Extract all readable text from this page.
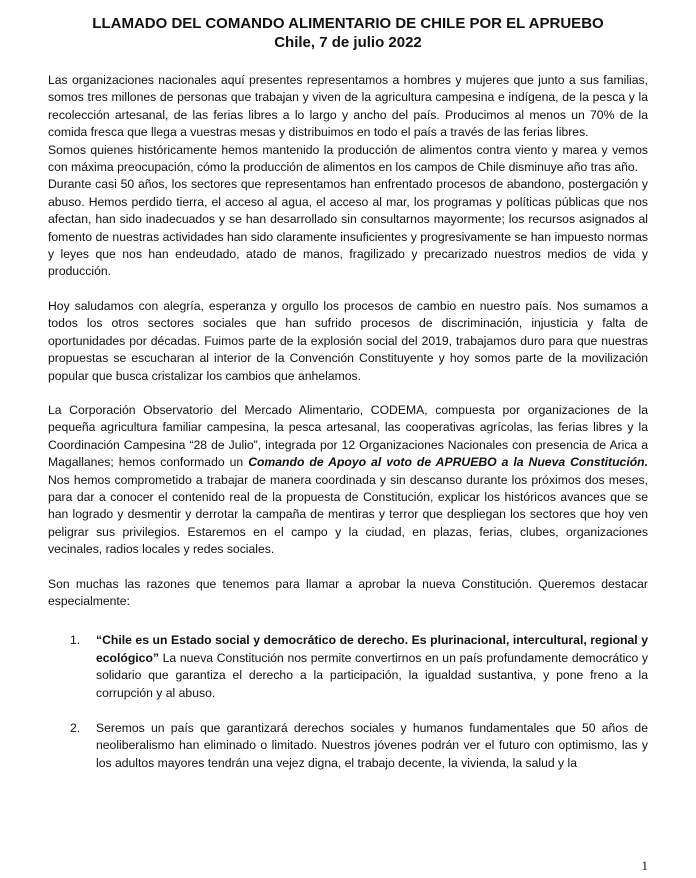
LLAMADO DEL COMANDO ALIMENTARIO DE CHILE POR EL APRUEBO
Chile, 7 de julio 2022

Las organizaciones nacionales aquí presentes representamos a hombres y mujeres que junto a sus familias, somos tres millones de personas que trabajan y viven de la agricultura campesina e indígena, de la pesca y la recolección artesanal, de las ferias libres a lo largo y ancho del país. Producimos al menos un 70% de la comida fresca que llega a vuestras mesas y distribuimos en todo el país a través de las ferias libres.

Somos quienes históricamente hemos mantenido la producción de alimentos contra viento y marea y vemos con máxima preocupación, cómo la producción de alimentos en los campos de Chile disminuye año tras año.

Durante casi 50 años, los sectores que representamos han enfrentado procesos de abandono, postergación y abuso. Hemos perdido tierra, el acceso al agua, el acceso al mar, los programas y políticas públicas que nos afectan, han sido inadecuados y se han desarrollado sin consultarnos mayormente; los recursos asignados al fomento de nuestras actividades han sido claramente insuficientes y progresivamente se han impuesto normas y leyes que nos han endeudado, atado de manos, fragilizado y precarizado nuestros medios de vida y producción.

Hoy saludamos con alegría, esperanza y orgullo los procesos de cambio en nuestro país. Nos sumamos a todos los otros sectores sociales que han sufrido procesos de discriminación, injusticia y falta de oportunidades por décadas. Fuimos parte de la explosión social del 2019, trabajamos duro para que nuestras propuestas se escucharan al interior de la Convención Constituyente y hoy somos parte de la movilización popular que busca cristalizar los cambios que anhelamos.

La Corporación Observatorio del Mercado Alimentario, CODEMA, compuesta por organizaciones de la pequeña agricultura familiar campesina, la pesca artesanal, las cooperativas agrícolas, las ferias libres y la Coordinación Campesina “28 de Julio”, integrada por 12 Organizaciones Nacionales con presencia de Arica a Magallanes; hemos conformado un Comando de Apoyo al voto de APRUEBO a la Nueva Constitución. Nos hemos comprometido a trabajar de manera coordinada y sin descanso durante los próximos dos meses, para dar a conocer el contenido real de la propuesta de Constitución, explicar los históricos avances que se han logrado y desmentir y derrotar la campaña de mentiras y terror que despliegan los sectores que hoy ven peligrar sus privilegios. Estaremos en el campo y la ciudad, en plazas, ferias, clubes, organizaciones vecinales, radios locales y redes sociales.

Son muchas las razones que tenemos para llamar a aprobar la nueva Constitución. Queremos destacar especialmente:

1. “Chile es un Estado social y democrático de derecho. Es plurinacional, intercultural, regional y ecológico” La nueva Constitución nos permite convertirnos en un país profundamente democrático y solidario que garantiza el derecho a la participación, la igualdad sustantiva, y pone freno a la corrupción y al abuso.
2. Seremos un país que garantizará derechos sociales y humanos fundamentales que 50 años de neoliberalismo han eliminado o limitado. Nuestros jóvenes podrán ver el futuro con optimismo, las y los adultos mayores tendrán una vejez digna, el trabajo decente, la vivienda, la salud y la
1
